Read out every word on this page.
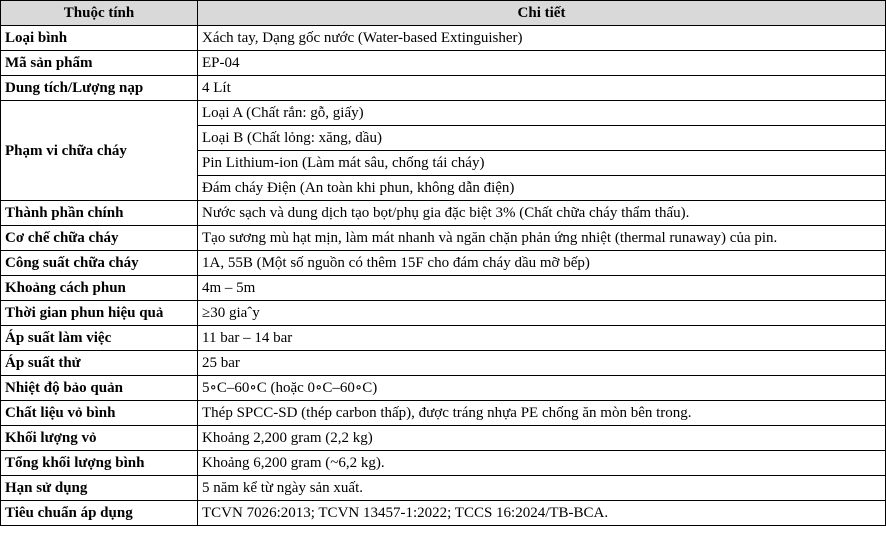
Thuộc tính	Chi tiết
Loại bình	Xách tay, Dạng gốc nước (Water-based Extinguisher)
Mã sản phẩm	EP-04
Dung tích/Lượng nạp	4 Lít
Phạm vi chữa cháy	Loại A (Chất rắn: gỗ, giấy)
	Loại B (Chất lỏng: xăng, dầu)
	Pin Lithium-ion (Làm mát sâu, chống tái cháy)
	Đám cháy Điện (An toàn khi phun, không dẫn điện)
Thành phần chính	Nước sạch và dung dịch tạo bọt/phụ gia đặc biệt 3% (Chất chữa cháy thẩm thấu).
Cơ chế chữa cháy	Tạo sương mù hạt mịn, làm mát nhanh và ngăn chặn phản ứng nhiệt (thermal runaway) của pin.
Công suất chữa cháy	1A, 55B (Một số nguồn có thêm 15F cho đám cháy dầu mỡ bếp)
Khoảng cách phun	4m – 5m
Thời gian phun hiệu quả	≥30 giaˆy
Áp suất làm việc	11 bar – 14 bar
Áp suất thử	25 bar
Nhiệt độ bảo quản	5∘C–60∘C (hoặc 0∘C–60∘C)
Chất liệu vỏ bình	Thép SPCC-SD (thép carbon thấp), được tráng nhựa PE chống ăn mòn bên trong.
Khối lượng vỏ	Khoảng 2,200 gram (2,2 kg)
Tổng khối lượng bình	Khoảng 6,200 gram (~6,2 kg).
Hạn sử dụng	5 năm kể từ ngày sản xuất.
Tiêu chuẩn áp dụng	TCVN 7026:2013; TCVN 13457-1:2022; TCCS 16:2024/TB-BCA.
